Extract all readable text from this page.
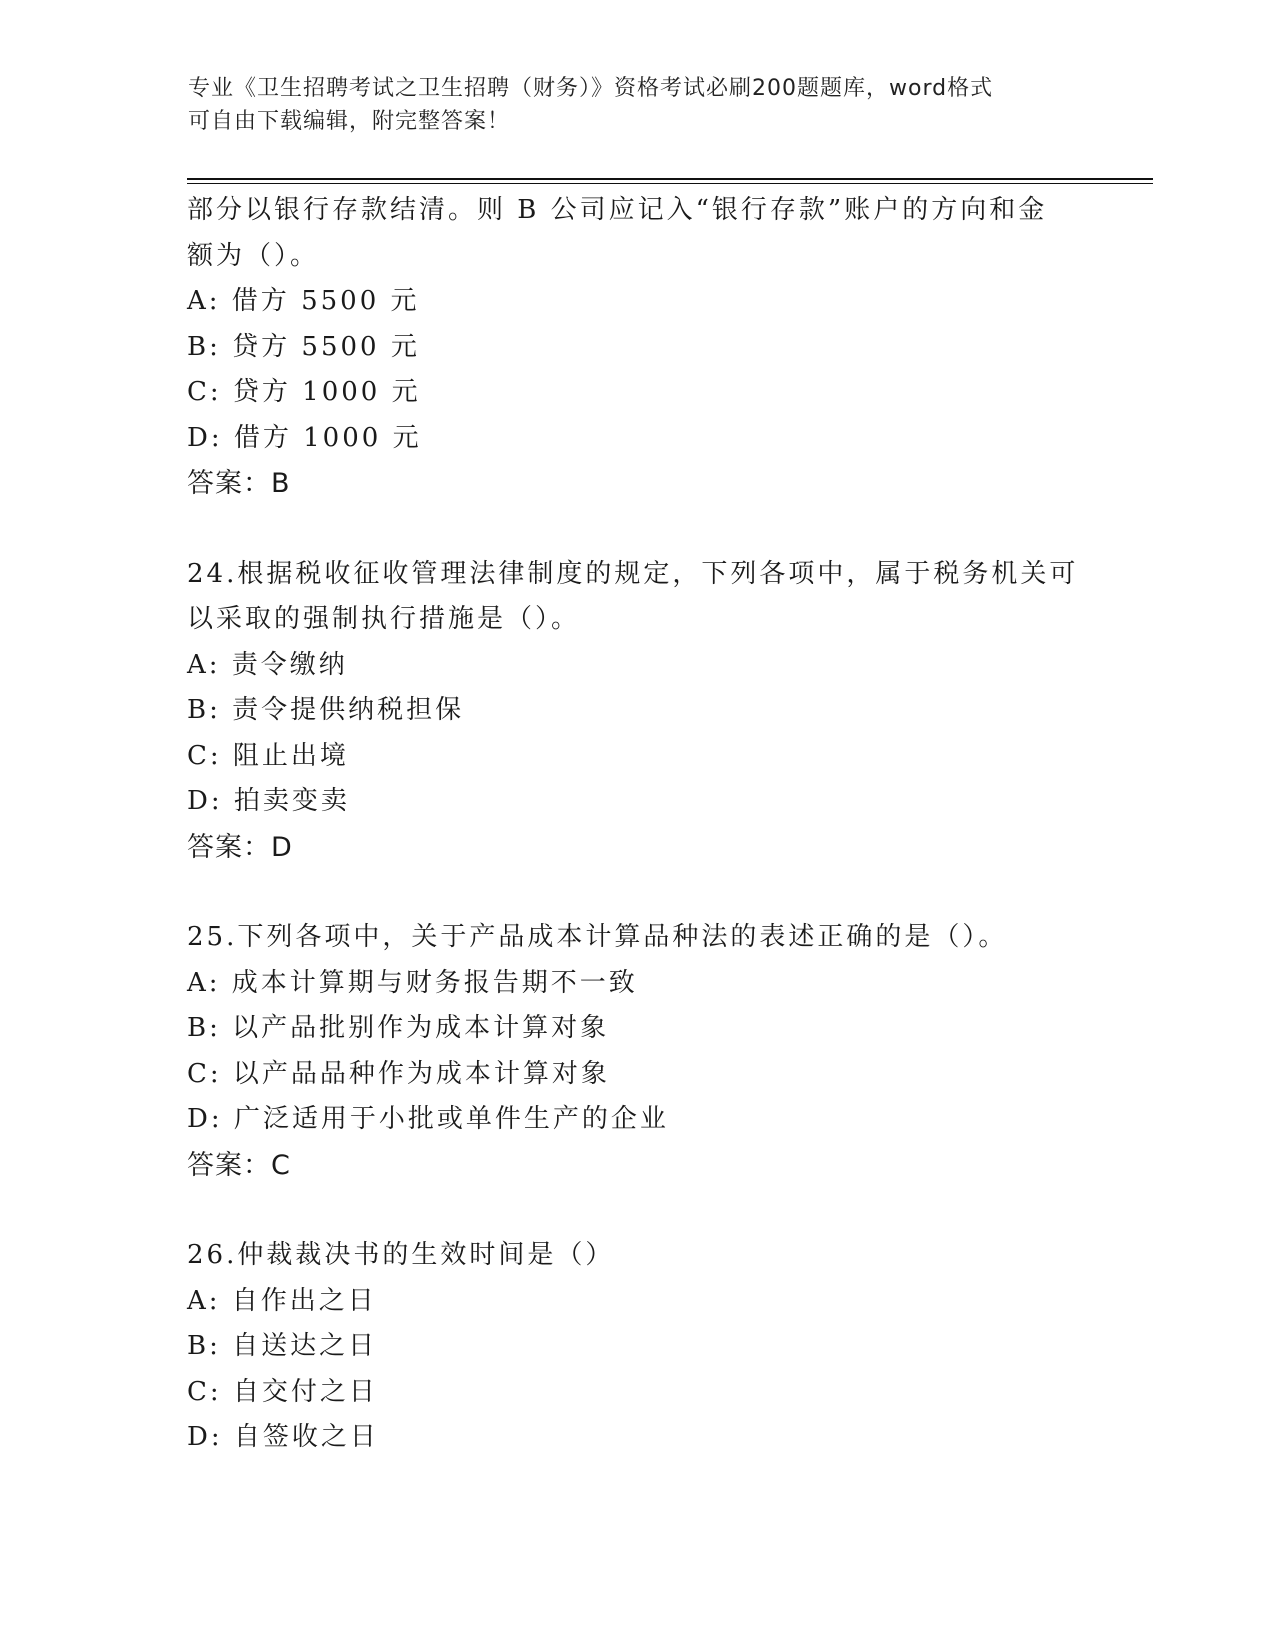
专业《卫生招聘考试之卫生招聘（财务）》资格考试必刷200题题库，word格式
可自由下载编辑，附完整答案！
部分以银行存款结清。则 B 公司应记入“银行存款”账户的方向和金
额为（）。
A: 借方 5500 元
B: 贷方 5500 元
C: 贷方 1000 元
D: 借方 1000 元
答案：B
24.根据税收征收管理法律制度的规定，下列各项中，属于税务机关可
以采取的强制执行措施是（）。
A: 责令缴纳
B: 责令提供纳税担保
C: 阻止出境
D: 拍卖变卖
答案：D
25.下列各项中，关于产品成本计算品种法的表述正确的是（）。
A: 成本计算期与财务报告期不一致
B: 以产品批别作为成本计算对象
C: 以产品品种作为成本计算对象
D: 广泛适用于小批或单件生产的企业
答案：C
26.仲裁裁决书的生效时间是（）
A: 自作出之日
B: 自送达之日
C: 自交付之日
D: 自签收之日
